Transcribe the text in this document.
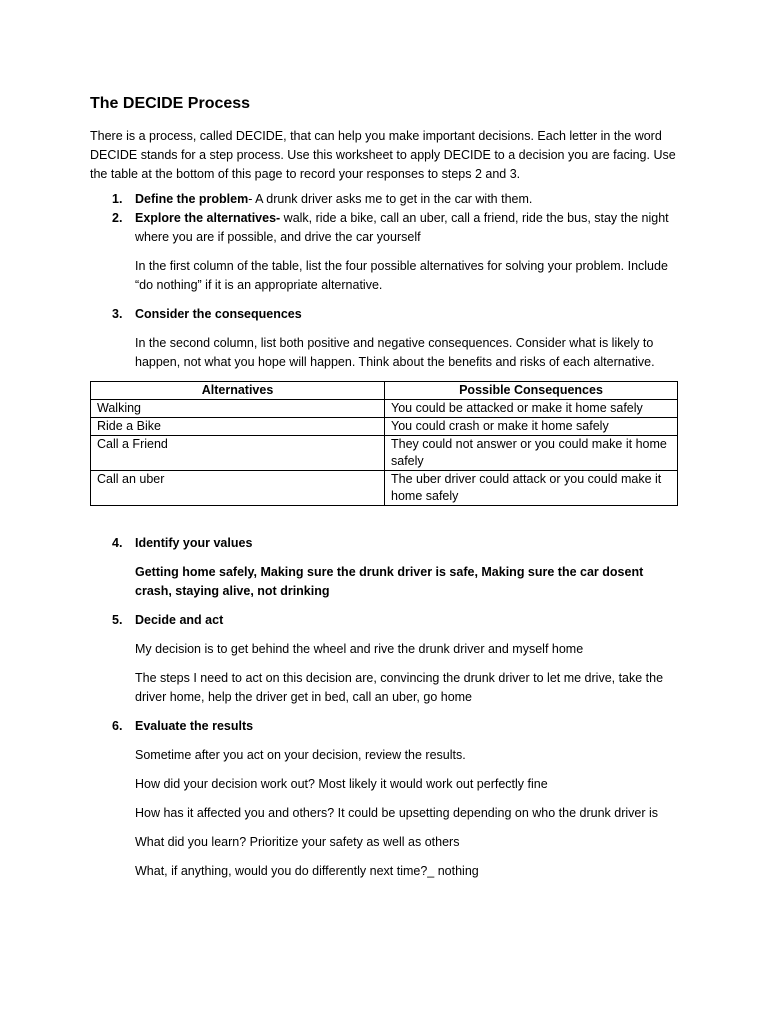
The DECIDE Process

There is a process, called DECIDE, that can help you make important decisions. Each letter in the word DECIDE stands for a step process. Use this worksheet to apply DECIDE to a decision you are facing. Use the table at the bottom of this page to record your responses to steps 2 and 3.

1. Define the problem- A drunk driver asks me to get in the car with them.
2. Explore the alternatives- walk, ride a bike, call an uber, call a friend, ride the bus, stay the night where you are if possible, and drive the car yourself

In the first column of the table, list the four possible alternatives for solving your problem. Include “do nothing” if it is an appropriate alternative.

3. Consider the consequences

In the second column, list both positive and negative consequences. Consider what is likely to happen, not what you hope will happen. Think about the benefits and risks of each alternative.

Alternatives	Possible Consequences
Walking	You could be attacked or make it home safely
Ride a Bike	You could crash or make it home safely
Call a Friend	They could not answer or you could make it home safely
Call an uber	The uber driver could attack or you could make it home safely
4. Identify your values

Getting home safely, Making sure the drunk driver is safe, Making sure the car dosent crash, staying alive, not drinking

5. Decide and act

My decision is to get behind the wheel and rive the drunk driver and myself home

The steps I need to act on this decision are, convincing the drunk driver to let me drive, take the driver home, help the driver get in bed, call an uber, go home

6. Evaluate the results

Sometime after you act on your decision, review the results.

How did your decision work out? Most likely it would work out perfectly fine

How has it affected you and others? It could be upsetting depending on who the drunk driver is

What did you learn? Prioritize your safety as well as others

What, if anything, would you do differently next time?_ nothing
